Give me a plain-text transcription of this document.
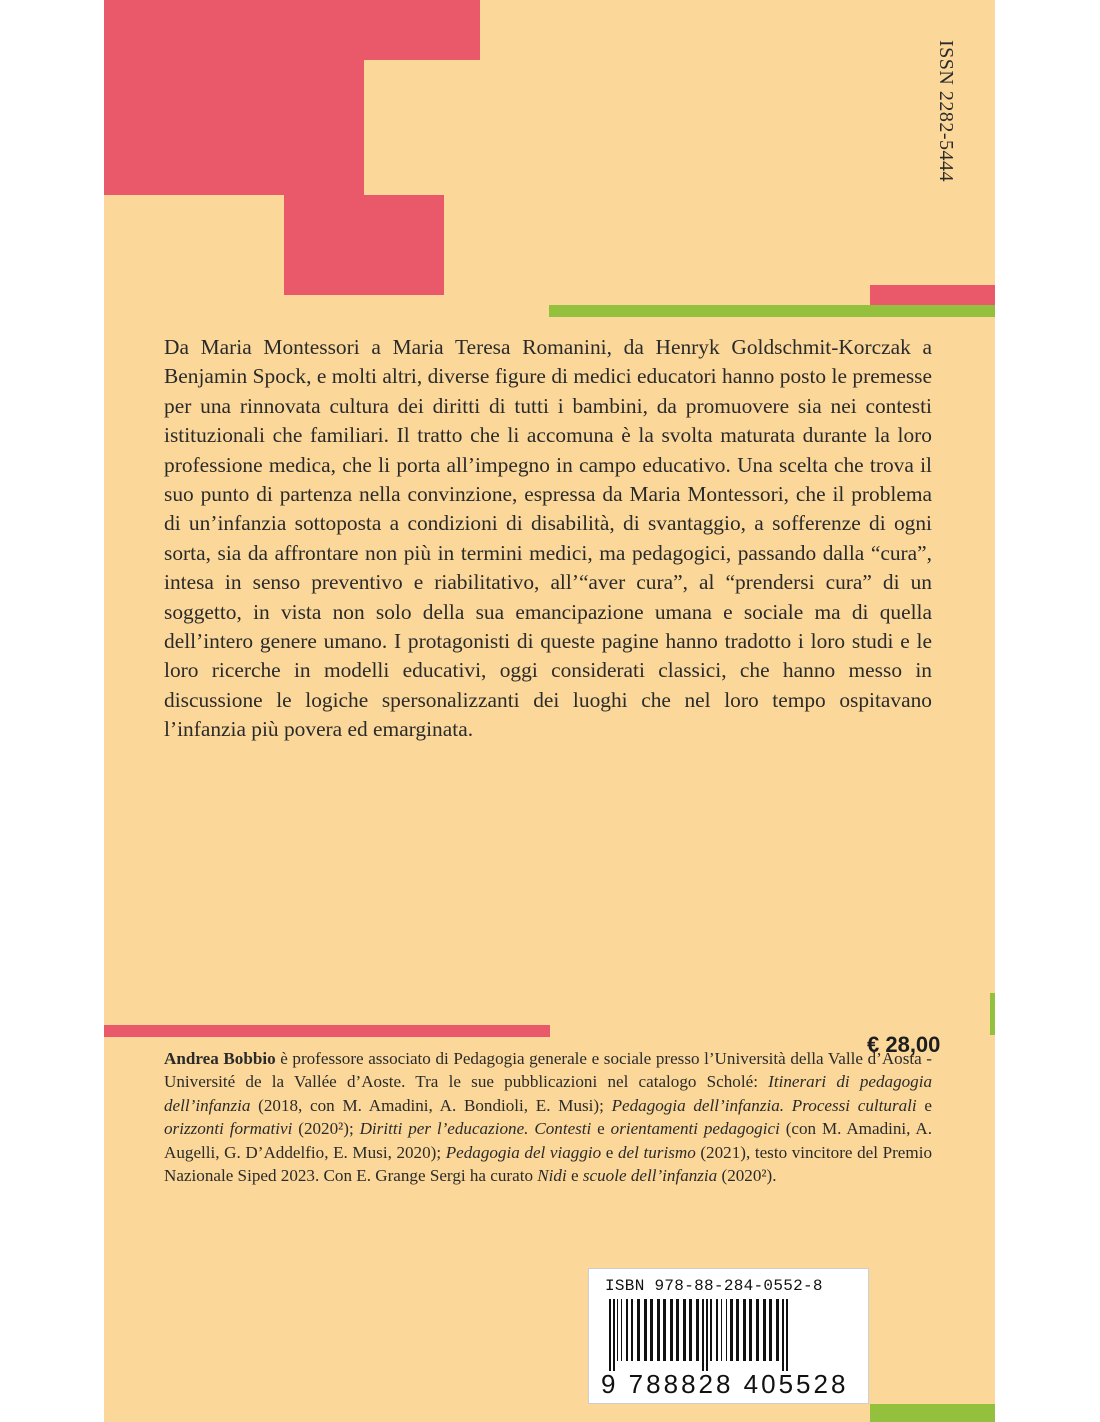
ISSN 2282-5444

Da Maria Montessori a Maria Teresa Romanini, da Henryk Goldschmit-Korczak a Benjamin Spock, e molti altri, diverse figure di medici educatori hanno posto le premesse per una rinnovata cultura dei diritti di tutti i bambini, da promuovere sia nei contesti istituzionali che familiari. Il tratto che li accomuna è la svolta maturata durante la loro professione medica, che li porta all’impegno in campo educativo. Una scelta che trova il suo punto di partenza nella convinzione, espressa da Maria Montessori, che il problema di un’infanzia sottoposta a condizioni di disabilità, di svantaggio, a sofferenze di ogni sorta, sia da affrontare non più in termini medici, ma pedagogici, passando dalla “cura”, intesa in senso preventivo e riabilitativo, all’“aver cura”, al “prendersi cura” di un soggetto, in vista non solo della sua emancipazione umana e sociale ma di quella dell’intero genere umano. I protagonisti di queste pagine hanno tradotto i loro studi e le loro ricerche in modelli educativi, oggi considerati classici, che hanno messo in discussione le logiche spersonalizzanti dei luoghi che nel loro tempo ospitavano l’infanzia più povera ed emarginata.

Andrea Bobbio è professore associato di Pedagogia generale e sociale presso l’Università della Valle d’Aosta - Université de la Vallée d’Aoste. Tra le sue pubblicazioni nel catalogo Scholé: Itinerari di pedagogia dell’infanzia (2018, con M. Amadini, A. Bondioli, E. Musi); Pedagogia dell’infanzia. Processi culturali e orizzonti formativi (2020²); Diritti per l’educazione. Contesti e orientamenti pedagogici (con M. Amadini, A. Augelli, G. D’Addelfio, E. Musi, 2020); Pedagogia del viaggio e del turismo (2021), testo vincitore del Premio Nazionale Siped 2023. Con E. Grange Sergi ha curato Nidi e scuole dell’infanzia (2020²).

ISBN 978-88-284-0552-8
9 788828 405528
€ 28,00
